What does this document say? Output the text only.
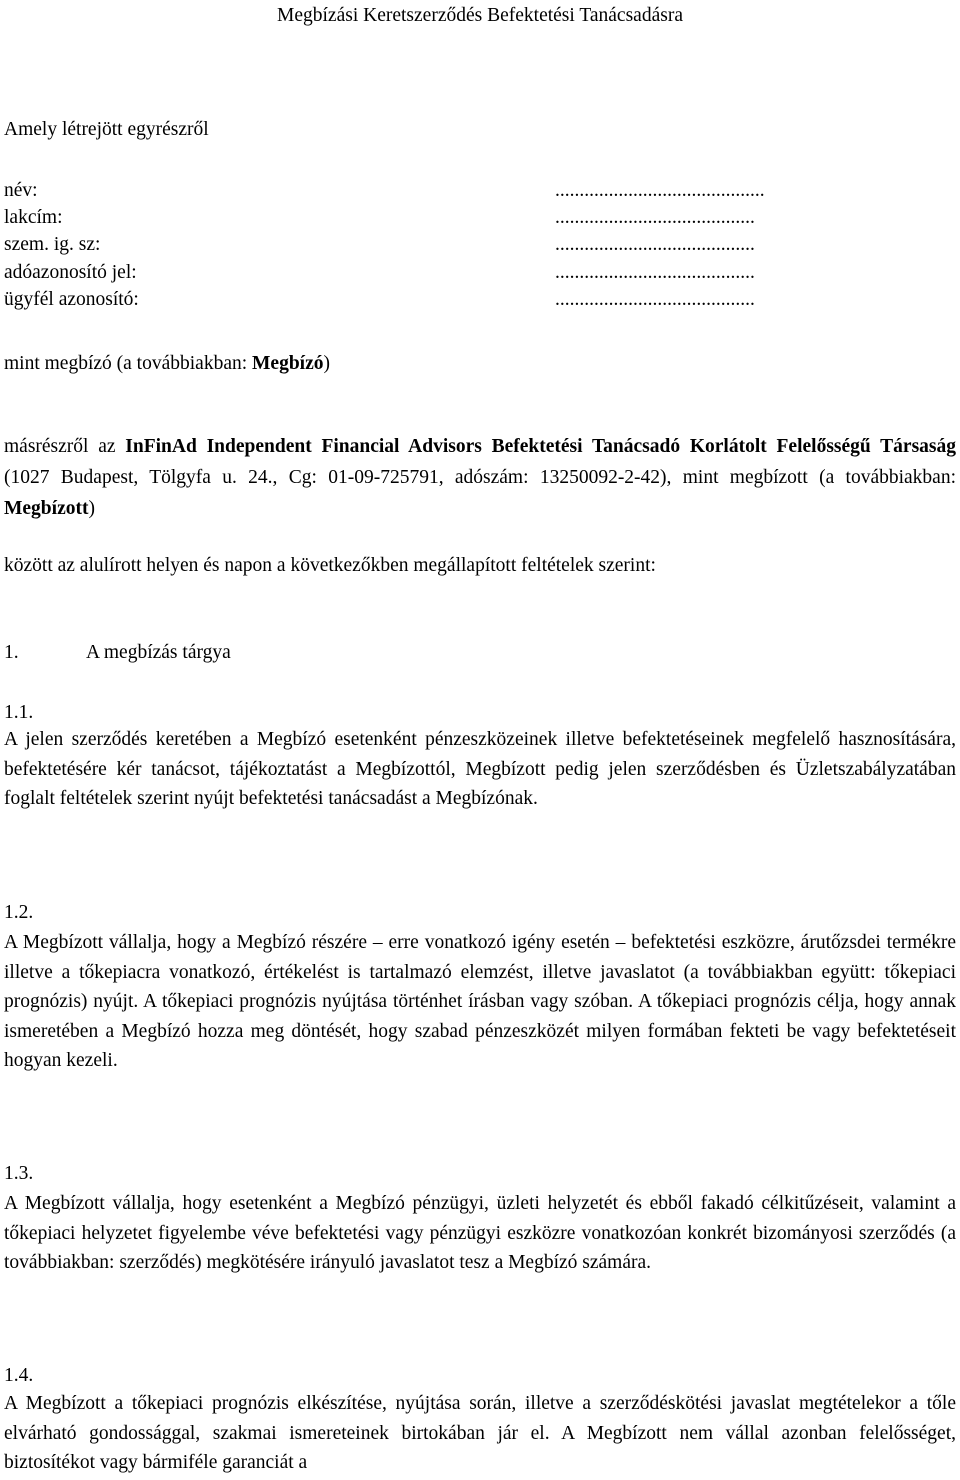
Megbízási Keretszerződés Befektetési Tanácsadásra
Amely létrejött egyrészről
név:	...........................................
lakcím:	.........................................
szem. ig. sz:	.........................................
adóazonosító jel:	.........................................
ügyfél azonosító:	.........................................
mint megbízó (a továbbiakban: Megbízó)
másrészről az InFinAd Independent Financial Advisors Befektetési Tanácsadó Korlátolt Felelősségű Társaság (1027 Budapest, Tölgyfa u. 24., Cg: 01-09-725791, adószám: 13250092-2-42), mint megbízott (a továbbiakban: Megbízott)
között az alulírott helyen és napon a következőkben megállapított feltételek szerint:
1.	A megbízás tárgya
1.1.
A jelen szerződés keretében a Megbízó esetenként pénzeszközeinek illetve befektetéseinek megfelelő hasznosítására, befektetésére kér tanácsot, tájékoztatást a Megbízottól, Megbízott pedig jelen szerződésben és Üzletszabályzatában foglalt feltételek szerint nyújt befektetési tanácsadást a Megbízónak.
1.2.
A Megbízott vállalja, hogy a Megbízó részére – erre vonatkozó igény esetén – befektetési eszközre, árutőzsdei termékre illetve a tőkepiacra vonatkozó, értékelést is tartalmazó elemzést, illetve javaslatot (a továbbiakban együtt: tőkepiaci prognózis) nyújt. A tőkepiaci prognózis nyújtása történhet írásban vagy szóban. A tőkepiaci prognózis célja, hogy annak ismeretében a Megbízó hozza meg döntését, hogy szabad pénzeszközét milyen formában fekteti be vagy befektetéseit hogyan kezeli.
1.3.
A Megbízott vállalja, hogy esetenként a Megbízó pénzügyi, üzleti helyzetét és ebből fakadó célkitűzéseit, valamint a tőkepiaci helyzetet figyelembe véve befektetési vagy pénzügyi eszközre vonatkozóan konkrét bizományosi szerződés (a továbbiakban: szerződés) megkötésére irányuló javaslatot tesz a Megbízó számára.
1.4.
A Megbízott a tőkepiaci prognózis elkészítése, nyújtása során, illetve a szerződéskötési javaslat megtételekor a tőle elvárható gondossággal, szakmai ismereteinek birtokában jár el. A Megbízott nem vállal azonban felelősséget, biztosítékot vagy bármiféle garanciát a
